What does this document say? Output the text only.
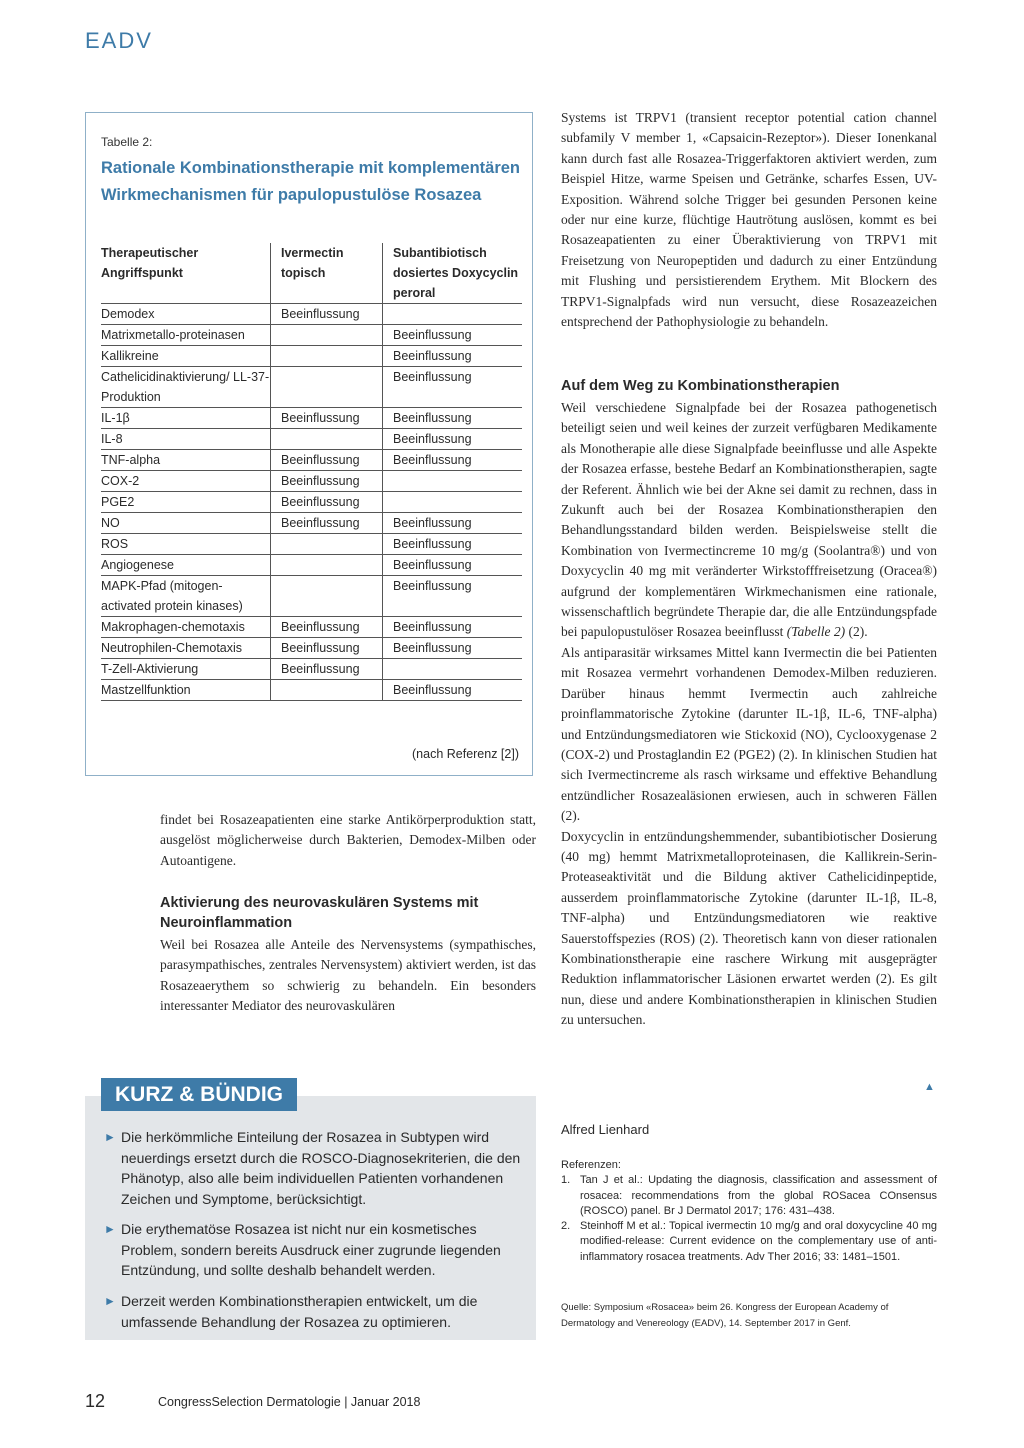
EADV
Tabelle 2:
Rationale Kombinationstherapie mit komplementären Wirkmechanismen für papulopustulöse Rosazea
Therapeutischer Angriffspunkt	Ivermectin topisch	Subantibiotisch dosiertes Doxycyclin peroral
Demodex	Beeinflussung	
Matrixmetallo-proteinasen		Beeinflussung
Kallikreine		Beeinflussung
Cathelicidinaktivierung/ LL-37-Produktion		Beeinflussung
IL-1β	Beeinflussung	Beeinflussung
IL-8		Beeinflussung
TNF-alpha	Beeinflussung	Beeinflussung
COX-2	Beeinflussung	
PGE2	Beeinflussung	
NO	Beeinflussung	Beeinflussung
ROS		Beeinflussung
Angiogenese		Beeinflussung
MAPK-Pfad (mitogen-activated protein kinases)		Beeinflussung
Makrophagen-chemotaxis	Beeinflussung	Beeinflussung
Neutrophilen-Chemotaxis	Beeinflussung	Beeinflussung
T-Zell-Aktivierung	Beeinflussung	
Mastzellfunktion		Beeinflussung
(nach Referenz [2])

findet bei Rosazeapatienten eine starke Antikörperproduktion statt, ausgelöst möglicherweise durch Bakterien, Demodex-Milben oder Autoantigene.

Aktivierung des neurovaskulären Systems mit Neuroinflammation

Weil bei Rosazea alle Anteile des Nervensystems (sympathisches, parasympathisches, zentrales Nervensystem) aktiviert werden, ist das Rosazeaerythem so schwierig zu behandeln. Ein besonders interessanter Mediator des neurovaskulären

KURZ & BÜNDIG
► Die herkömmliche Einteilung der Rosazea in Subtypen wird neuerdings ersetzt durch die ROSCO-Diagnosekriterien, die den Phänotyp, also alle beim individuellen Patienten vorhandenen Zeichen und Symptome, berücksichtigt.
► Die erythematöse Rosazea ist nicht nur ein kosmetisches Problem, sondern bereits Ausdruck einer zugrunde liegenden Entzündung, und sollte deshalb behandelt werden.
► Derzeit werden Kombinationstherapien entwickelt, um die umfassende Behandlung der Rosazea zu optimieren.

Systems ist TRPV1 (transient receptor potential cation channel subfamily V member 1, «Capsaicin-Rezeptor»). Dieser Ionenkanal kann durch fast alle Rosazea-Triggerfaktoren aktiviert werden, zum Beispiel Hitze, warme Speisen und Getränke, scharfes Essen, UV-Exposition. Während solche Trigger bei gesunden Personen keine oder nur eine kurze, flüchtige Hautrötung auslösen, kommt es bei Rosazeapatienten zu einer Überaktivierung von TRPV1 mit Freisetzung von Neuropeptiden und dadurch zu einer Entzündung mit Flushing und persistierendem Erythem. Mit Blockern des TRPV1-Signalpfads wird nun versucht, diese Rosazeazeichen entsprechend der Pathophysiologie zu behandeln.

Auf dem Weg zu Kombinationstherapien

Weil verschiedene Signalpfade bei der Rosazea pathogenetisch beteiligt seien und weil keines der zurzeit verfügbaren Medikamente als Monotherapie alle diese Signalpfade beeinflusse und alle Aspekte der Rosazea erfasse, bestehe Bedarf an Kombinationstherapien, sagte der Referent. Ähnlich wie bei der Akne sei damit zu rechnen, dass in Zukunft auch bei der Rosazea Kombinationstherapien den Behandlungsstandard bilden werden. Beispielsweise stellt die Kombination von Ivermectincreme 10 mg/g (Soolantra®) und von Doxycyclin 40 mg mit veränderter Wirkstofffreisetzung (Oracea®) aufgrund der komplementären Wirkmechanismen eine rationale, wissenschaftlich begründete Therapie dar, die alle Entzündungspfade bei papulopustulöser Rosazea beeinflusst (Tabelle 2) (2).

Als antiparasitär wirksames Mittel kann Ivermectin die bei Patienten mit Rosazea vermehrt vorhandenen Demodex-Milben reduzieren. Darüber hinaus hemmt Ivermectin auch zahlreiche proinflammatorische Zytokine (darunter IL-1β, IL-6, TNF-alpha) und Entzündungsmediatoren wie Stickoxid (NO), Cyclooxygenase 2 (COX-2) und Prostaglandin E2 (PGE2) (2). In klinischen Studien hat sich Ivermectincreme als rasch wirksame und effektive Behandlung entzündlicher Rosazealäsionen erwiesen, auch in schweren Fällen (2).

Doxycyclin in entzündungshemmender, subantibiotischer Dosierung (40 mg) hemmt Matrixmetalloproteinasen, die Kallikrein-Serin-Proteaseaktivität und die Bildung aktiver Cathelicidinpeptide, ausserdem proinflammatorische Zytokine (darunter IL-1β, IL-8, TNF-alpha) und Entzündungsmediatoren wie reaktive Sauerstoffspezies (ROS) (2). Theoretisch kann von dieser rationalen Kombinationstherapie eine raschere Wirkung mit ausgeprägter Reduktion inflammatorischer Läsionen erwartet werden (2). Es gilt nun, diese und andere Kombinationstherapien in klinischen Studien zu untersuchen.

▲
Alfred Lienhard
Referenzen:
1. Tan J et al.: Updating the diagnosis, classification and assessment of rosacea: recommendations from the global ROSacea COnsensus (ROSCO) panel. Br J Dermatol 2017; 176: 431–438.
2. Steinhoff M et al.: Topical ivermectin 10 mg/g and oral doxycycline 40 mg modified-release: Current evidence on the complementary use of anti-inflammatory rosacea treatments. Adv Ther 2016; 33: 1481–1501.
Quelle: Symposium «Rosacea» beim 26. Kongress der European Academy of Dermatology and Venereology (EADV), 14. September 2017 in Genf.
12	CongressSelection Dermatologie | Januar 2018
